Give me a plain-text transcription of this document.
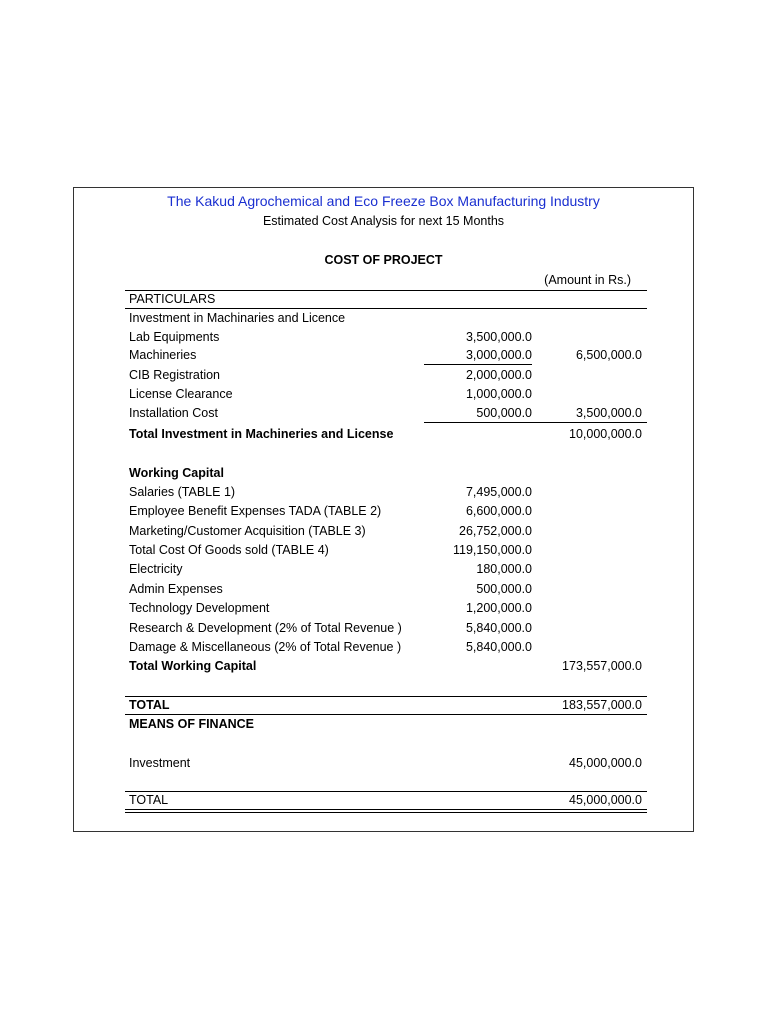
The Kakud Agrochemical and Eco Freeze Box Manufacturing Industry
Estimated Cost Analysis for next 15 Months
COST OF PROJECT
(Amount in Rs.)
PARTICULARS
Investment in Machinaries and Licence
Lab Equipments	3,500,000.0
Machineries	3,000,000.0	6,500,000.0
CIB Registration	2,000,000.0
License Clearance	1,000,000.0
Installation Cost	500,000.0	3,500,000.0
Total Investment in Machineries and License	10,000,000.0
Working Capital
Salaries (TABLE 1)	7,495,000.0
Employee Benefit Expenses TADA (TABLE 2)	6,600,000.0
Marketing/Customer Acquisition (TABLE 3)	26,752,000.0
Total Cost Of Goods sold (TABLE 4)	119,150,000.0
Electricity	180,000.0
Admin Expenses	500,000.0
Technology Development	1,200,000.0
Research & Development (2% of Total Revenue )	5,840,000.0
Damage & Miscellaneous (2% of Total Revenue )	5,840,000.0
Total Working Capital	173,557,000.0
TOTAL	183,557,000.0
MEANS OF FINANCE
Investment	45,000,000.0
TOTAL	45,000,000.0
